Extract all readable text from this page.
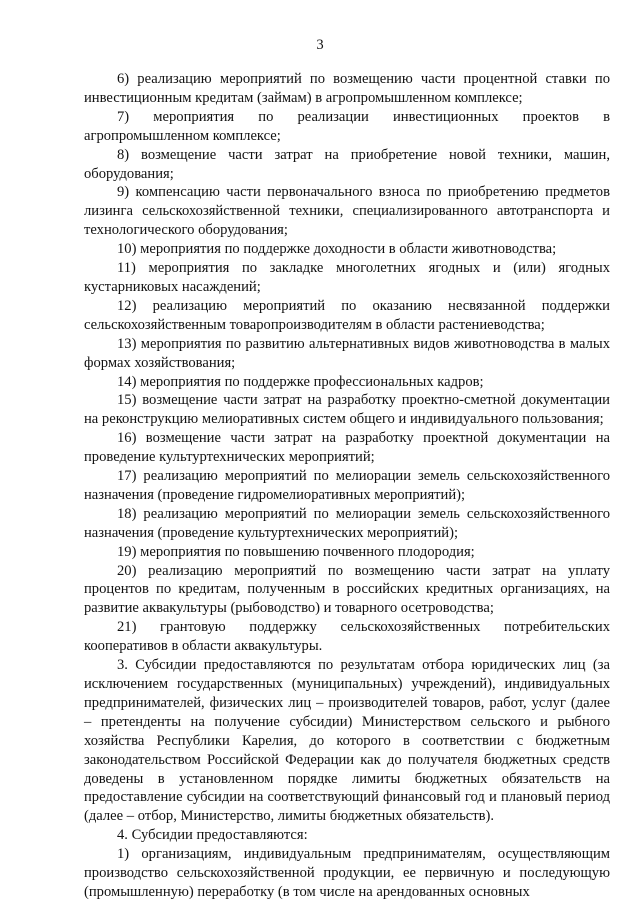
3

6) реализацию мероприятий по возмещению части процентной ставки по инвестиционным кредитам (займам) в агропромышленном комплексе;

7) мероприятия по реализации инвестиционных проектов в агропромышленном комплексе;

8) возмещение части затрат на приобретение новой техники, машин, оборудования;

9) компенсацию части первоначального взноса по приобретению предметов лизинга сельскохозяйственной техники, специализированного автотранспорта и технологического оборудования;

10) мероприятия по поддержке доходности в области животноводства;

11) мероприятия по закладке многолетних ягодных и (или) ягодных кустарниковых насаждений;

12) реализацию мероприятий по оказанию несвязанной поддержки сельскохозяйственным товаропроизводителям в области растениеводства;

13) мероприятия по развитию альтернативных видов животноводства в малых формах хозяйствования;

14) мероприятия по поддержке профессиональных кадров;

15) возмещение части затрат на разработку проектно-сметной документации на реконструкцию мелиоративных систем общего и индивидуального пользования;

16) возмещение части затрат на разработку проектной документации на проведение культуртехнических мероприятий;

17) реализацию мероприятий по мелиорации земель сельскохозяйственного назначения (проведение гидромелиоративных мероприятий);

18) реализацию мероприятий по мелиорации земель сельскохозяйственного назначения (проведение культуртехнических мероприятий);

19) мероприятия по повышению почвенного плодородия;

20) реализацию мероприятий по возмещению части затрат на уплату процентов по кредитам, полученным в российских кредитных организациях, на развитие аквакультуры (рыбоводство) и товарного осетроводства;

21) грантовую поддержку сельскохозяйственных потребительских кооперативов в области аквакультуры.

3. Субсидии предоставляются по результатам отбора юридических лиц (за исключением государственных (муниципальных) учреждений), индивидуальных предпринимателей, физических лиц – производителей товаров, работ, услуг (далее – претенденты на получение субсидии) Министерством сельского и рыбного хозяйства Республики Карелия, до которого в соответствии с бюджетным законодательством Российской Федерации как до получателя бюджетных средств доведены в установленном порядке лимиты бюджетных обязательств на предоставление субсидии на соответствующий финансовый год и плановый период (далее – отбор, Министерство, лимиты бюджетных обязательств).

4. Субсидии предоставляются:

1) организациям, индивидуальным предпринимателям, осуществляющим производство сельскохозяйственной продукции, ее первичную и последующую (промышленную) переработку (в том числе на арендованных основных
